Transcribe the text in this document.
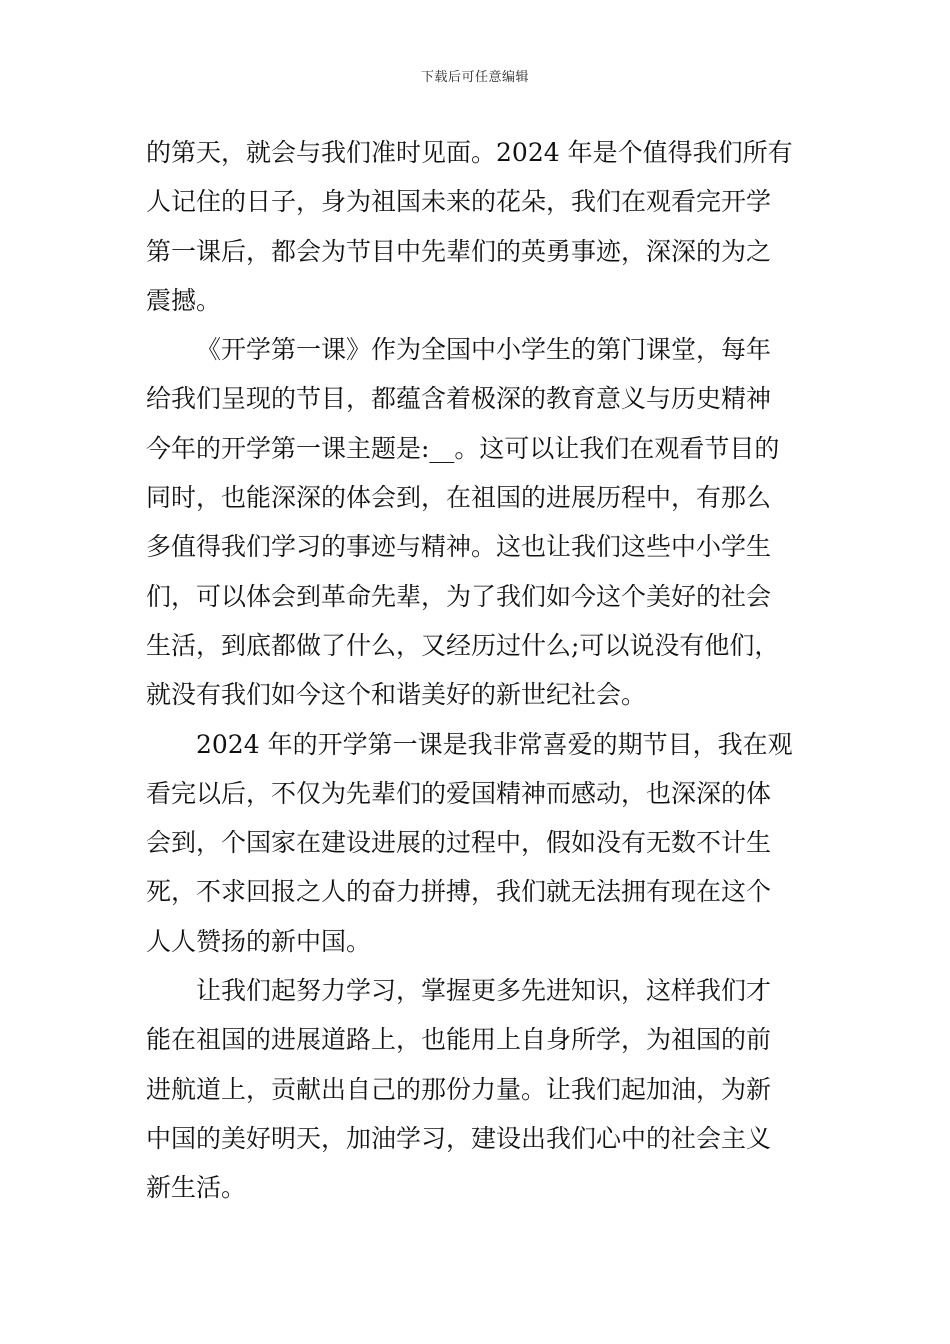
下载后可任意编辑
的第天，就会与我们准时见面。2024 年是个值得我们所有
人记住的日子，身为祖国未来的花朵，我们在观看完开学
第一课后，都会为节目中先辈们的英勇事迹，深深的为之
震撼。
《开学第一课》作为全国中小学生的第门课堂，每年
给我们呈现的节目，都蕴含着极深的教育意义与历史精神
今年的开学第一课主题是:__。这可以让我们在观看节目的
同时，也能深深的体会到，在祖国的进展历程中，有那么
多值得我们学习的事迹与精神。这也让我们这些中小学生
们，可以体会到革命先辈，为了我们如今这个美好的社会
生活，到底都做了什么，又经历过什么;可以说没有他们，
就没有我们如今这个和谐美好的新世纪社会。
2024 年的开学第一课是我非常喜爱的期节目，我在观
看完以后，不仅为先辈们的爱国精神而感动，也深深的体
会到，个国家在建设进展的过程中，假如没有无数不计生
死，不求回报之人的奋力拼搏，我们就无法拥有现在这个
人人赞扬的新中国。
让我们起努力学习，掌握更多先进知识，这样我们才
能在祖国的进展道路上，也能用上自身所学，为祖国的前
进航道上，贡献出自己的那份力量。让我们起加油，为新
中国的美好明天，加油学习，建设出我们心中的社会主义
新生活。
